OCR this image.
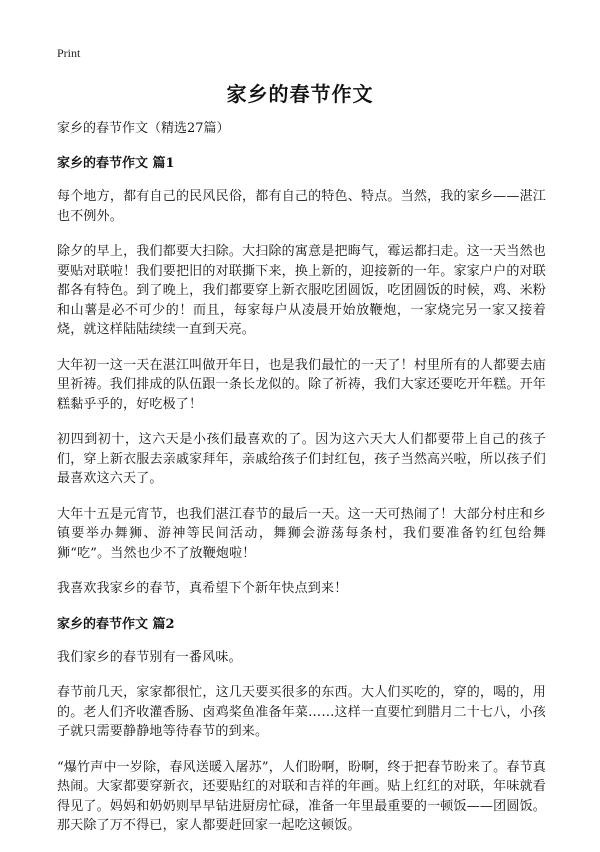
Print
家乡的春节作文
家乡的春节作文（精选27篇）
家乡的春节作文 篇1

每个地方，都有自己的民风民俗，都有自己的特色、特点。当然，我的家乡——湛江也不例外。

除夕的早上，我们都要大扫除。大扫除的寓意是把晦气，霉运都扫走。这一天当然也要贴对联啦！我们要把旧的对联撕下来，换上新的，迎接新的一年。家家户户的对联都各有特色。到了晚上，我们都要穿上新衣服吃团圆饭，吃团圆饭的时候，鸡、米粉和山薯是必不可少的！而且，每家每户从凌晨开始放鞭炮，一家烧完另一家又接着烧，就这样陆陆续续一直到天亮。

大年初一这一天在湛江叫做开年日，也是我们最忙的一天了！村里所有的人都要去庙里祈祷。我们排成的队伍跟一条长龙似的。除了祈祷，我们大家还要吃开年糕。开年糕黏乎乎的，好吃极了！

初四到初十，这六天是小孩们最喜欢的了。因为这六天大人们都要带上自己的孩子们，穿上新衣服去亲戚家拜年，亲戚给孩子们封红包，孩子当然高兴啦，所以孩子们最喜欢这六天了。

大年十五是元宵节，也我们湛江春节的最后一天。这一天可热闹了！大部分村庄和乡镇要举办舞狮、游神等民间活动，舞狮会游荡每条村，我们要准备钓红包给舞狮“吃”。当然也少不了放鞭炮啦！

我喜欢我家乡的春节，真希望下个新年快点到来！

家乡的春节作文 篇2

我们家乡的春节别有一番风味。

春节前几天，家家都很忙，这几天要买很多的东西。大人们买吃的，穿的，喝的，用的。老人们齐收灌香肠、卤鸡桨鱼准备年菜……这样一直要忙到腊月二十七八，小孩子就只需要静静地等待春节的到来。

“爆竹声中一岁除，春风送暖入屠苏”，人们盼啊，盼啊，终于把春节盼来了。春节真热闹。大家都要穿新衣，还要贴红的对联和吉祥的年画。贴上红红的对联，年味就看得见了。妈妈和奶奶则早早钻进厨房忙碌，准备一年里最重要的一顿饭——团圆饭。那天除了万不得已，家人都要赶回家一起吃这顿饭。
